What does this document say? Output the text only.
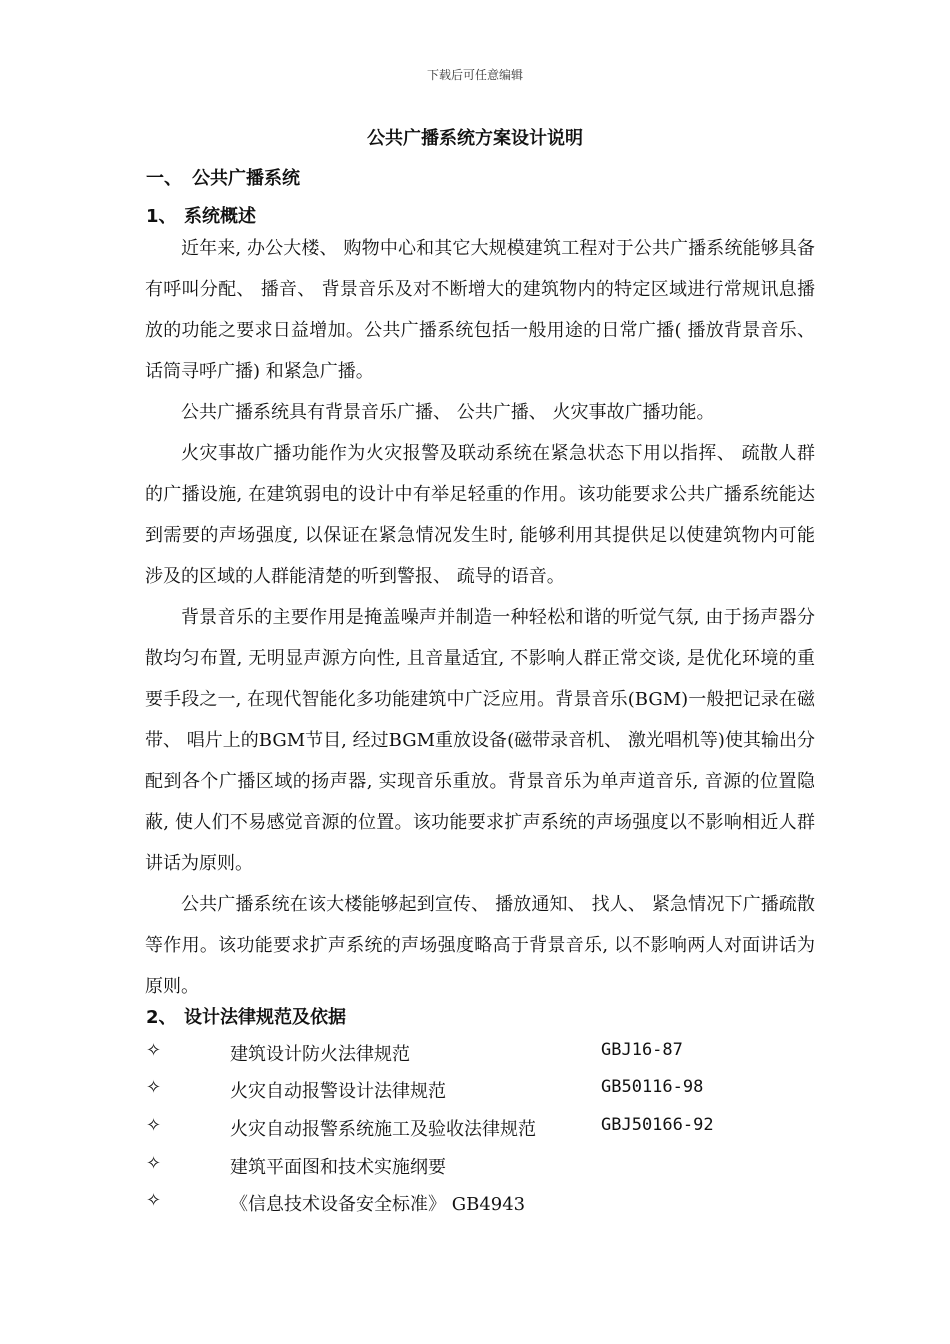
下载后可任意编辑
公共广播系统方案设计说明
一、 公共广播系统
1、 系统概述

近年来, 办公大楼、 购物中心和其它大规模建筑工程对于公共广播系统能够具备有呼叫分配、 播音、 背景音乐及对不断增大的建筑物内的特定区域进行常规讯息播放的功能之要求日益增加。公共广播系统包括一般用途的日常广播( 播放背景音乐、 话筒寻呼广播) 和紧急广播。

公共广播系统具有背景音乐广播、 公共广播、 火灾事故广播功能。

火灾事故广播功能作为火灾报警及联动系统在紧急状态下用以指挥、 疏散人群的广播设施, 在建筑弱电的设计中有举足轻重的作用。该功能要求公共广播系统能达到需要的声场强度, 以保证在紧急情况发生时, 能够利用其提供足以使建筑物内可能涉及的区域的人群能清楚的听到警报、 疏导的语音。

背景音乐的主要作用是掩盖噪声并制造一种轻松和谐的听觉气氛, 由于扬声器分散均匀布置, 无明显声源方向性, 且音量适宜, 不影响人群正常交谈, 是优化环境的重要手段之一, 在现代智能化多功能建筑中广泛应用。背景音乐(BGM)一般把记录在磁带、 唱片上的BGM节目, 经过BGM重放设备(磁带录音机、 激光唱机等)使其输出分配到各个广播区域的扬声器, 实现音乐重放。背景音乐为单声道音乐, 音源的位置隐蔽, 使人们不易感觉音源的位置。该功能要求扩声系统的声场强度以不影响相近人群讲话为原则。

公共广播系统在该大楼能够起到宣传、 播放通知、 找人、 紧急情况下广播疏散等作用。该功能要求扩声系统的声场强度略高于背景音乐, 以不影响两人对面讲话为原则。

2、 设计法律规范及依据
✧	建筑设计防火法律规范	GBJ16-87
✧	火灾自动报警设计法律规范	GB50116-98
✧	火灾自动报警系统施工及验收法律规范	GBJ50166-92
✧	建筑平面图和技术实施纲要
✧	《信息技术设备安全标准》 GB4943
